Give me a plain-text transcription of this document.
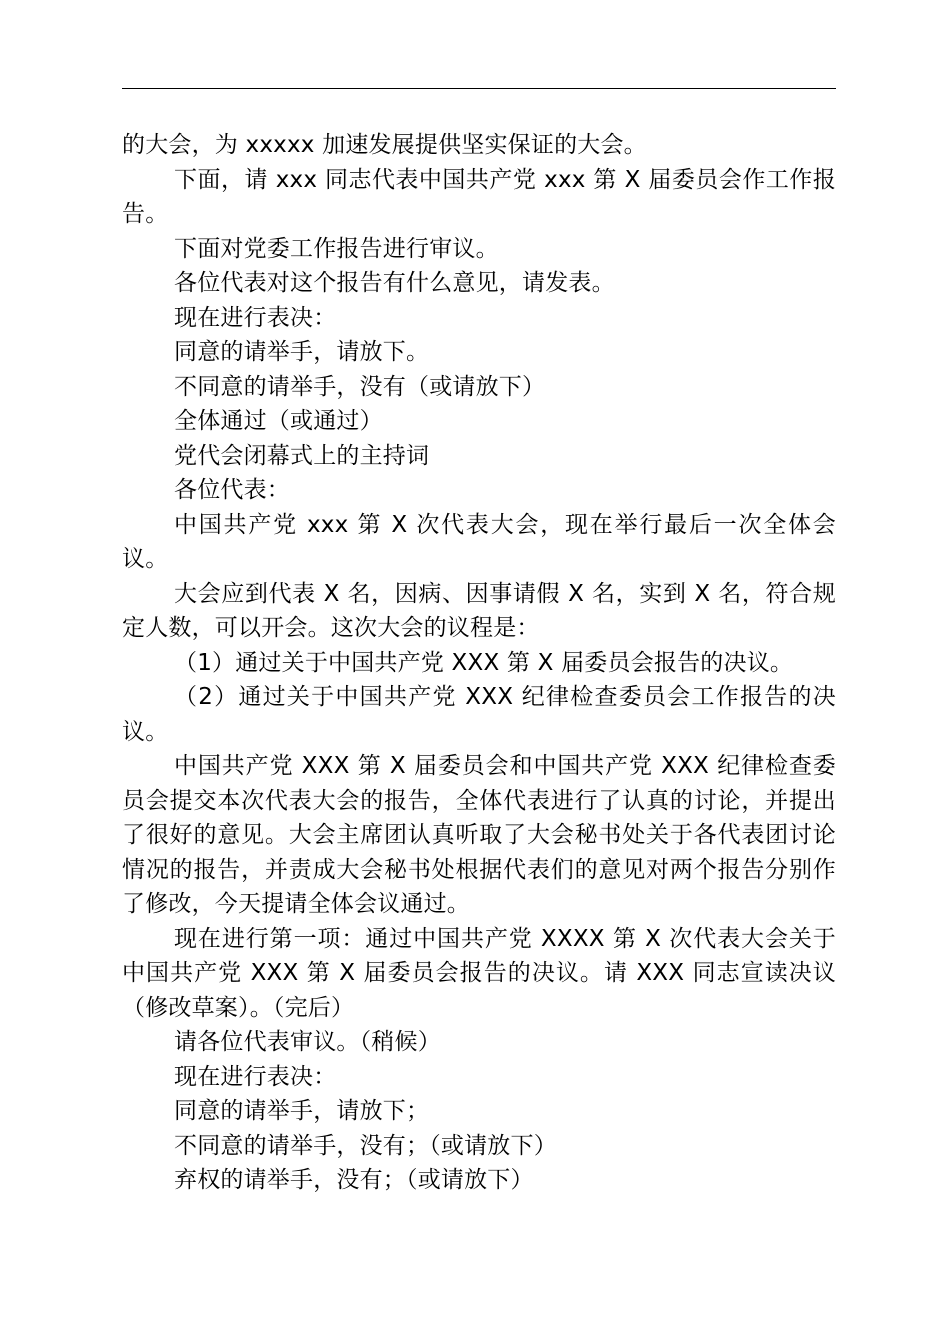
的大会，为 xxxxx 加速发展提供坚实保证的大会。

下面，请 xxx 同志代表中国共产党 xxx 第 X 届委员会作工作报告。

下面对党委工作报告进行审议。

各位代表对这个报告有什么意见，请发表。

现在进行表决：

同意的请举手，请放下。

不同意的请举手，没有（或请放下）

全体通过（或通过）

党代会闭幕式上的主持词

各位代表：

中国共产党 xxx 第 X 次代表大会，现在举行最后一次全体会议。

大会应到代表 X 名，因病、因事请假 X 名，实到 X 名，符合规定人数，可以开会。这次大会的议程是：

（1）通过关于中国共产党 XXX 第 X 届委员会报告的决议。

（2）通过关于中国共产党 XXX 纪律检查委员会工作报告的决议。

中国共产党 XXX 第 X 届委员会和中国共产党 XXX 纪律检查委员会提交本次代表大会的报告，全体代表进行了认真的讨论，并提出了很好的意见。大会主席团认真听取了大会秘书处关于各代表团讨论情况的报告，并责成大会秘书处根据代表们的意见对两个报告分别作了修改，今天提请全体会议通过。

现在进行第一项：通过中国共产党 XXXX 第 X 次代表大会关于中国共产党 XXX 第 X 届委员会报告的决议。请 XXX 同志宣读决议（修改草案）。（完后）

请各位代表审议。（稍候）

现在进行表决：

同意的请举手，请放下；

不同意的请举手，没有；（或请放下）

弃权的请举手，没有；（或请放下）
